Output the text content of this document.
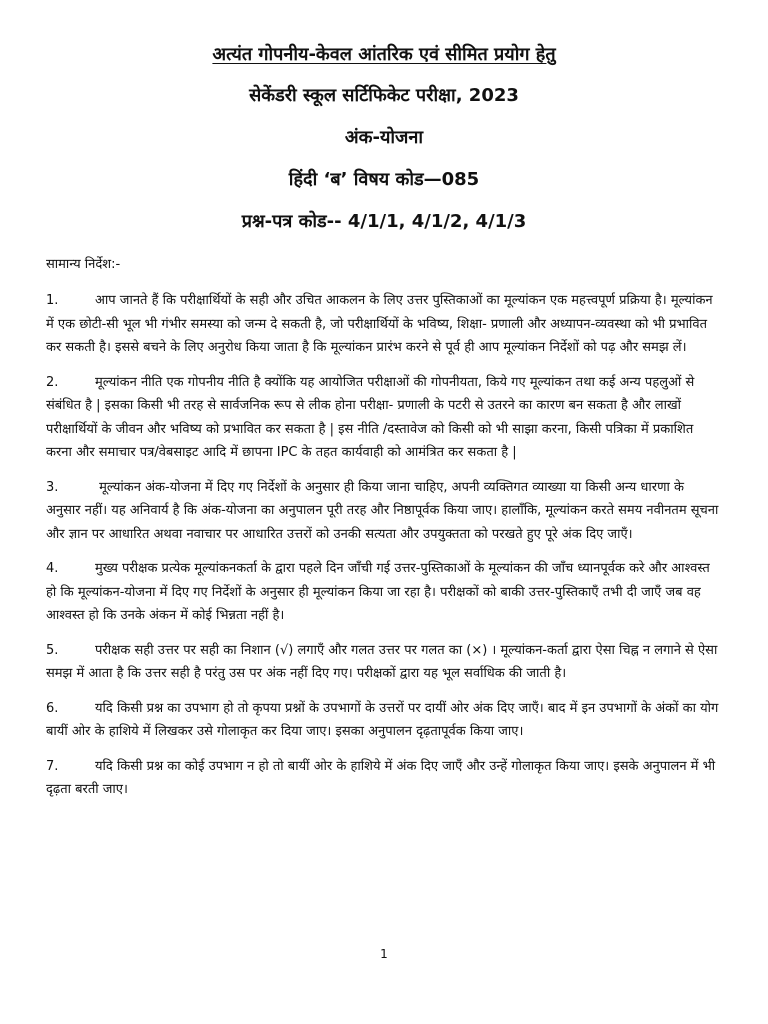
अत्यंत गोपनीय-केवल आंतरिक एवं सीमित प्रयोग हेतु
सेकेंडरी स्कूल सर्टिफिकेट परीक्षा, 2023
अंक-योजना
हिंदी ‘ब’ विषय कोड—085
प्रश्न-पत्र कोड-- 4/1/1, 4/1/2, 4/1/3
सामान्य निर्देश:-

1.	आप जानते हैं कि परीक्षार्थियों के सही और उचित आकलन के लिए उत्तर पुस्तिकाओं का मूल्यांकन एक महत्त्वपूर्ण प्रक्रिया है। मूल्यांकन में एक छोटी-सी भूल भी गंभीर समस्या को जन्म दे सकती है, जो परीक्षार्थियों के भविष्य, शिक्षा- प्रणाली और अध्यापन-व्यवस्था को भी प्रभावित कर सकती है। इससे बचने के लिए अनुरोध किया जाता है कि मूल्यांकन प्रारंभ करने से पूर्व ही आप मूल्यांकन निर्देशों को पढ़ और समझ लें।

2.	मूल्यांकन नीति एक गोपनीय नीति है क्योंकि यह आयोजित परीक्षाओं की गोपनीयता, किये गए मूल्यांकन तथा कई अन्य पहलुओं से संबंधित है | इसका किसी भी तरह से सार्वजनिक रूप से लीक होना परीक्षा- प्रणाली के पटरी से उतरने का कारण बन सकता है और लाखों परीक्षार्थियों के जीवन और भविष्य को प्रभावित कर सकता है | इस नीति /दस्तावेज को किसी को भी साझा करना, किसी पत्रिका में प्रकाशित करना और समाचार पत्र/वेबसाइट आदि में छापना IPC के तहत कार्यवाही को आमंत्रित कर सकता है |

3.	मूल्यांकन अंक-योजना में दिए गए निर्देशों के अनुसार ही किया जाना चाहिए, अपनी व्यक्तिगत व्याख्या या किसी अन्य धारणा के अनुसार नहीं। यह अनिवार्य है कि अंक-योजना का अनुपालन पूरी तरह और निष्ठापूर्वक किया जाए। हालाँकि, मूल्यांकन करते समय नवीनतम सूचना और ज्ञान पर आधारित अथवा नवाचार पर आधारित उत्तरों को उनकी सत्यता और उपयुक्तता को परखते हुए पूरे अंक दिए जाएँ।

4.	मुख्य परीक्षक प्रत्येक मूल्यांकनकर्ता के द्वारा पहले दिन जाँची गई उत्तर-पुस्तिकाओं के मूल्यांकन की जाँच ध्यानपूर्वक करे और आश्वस्त हो कि मूल्यांकन-योजना में दिए गए निर्देशों के अनुसार ही मूल्यांकन किया जा रहा है। परीक्षकों को बाकी उत्तर-पुस्तिकाएँ तभी दी जाएँ जब वह आश्वस्त हो कि उनके अंकन में कोई भिन्नता नहीं है।

5.	परीक्षक सही उत्तर पर सही का निशान (√) लगाएँ और गलत उत्तर पर गलत का (×) । मूल्यांकन-कर्ता द्वारा ऐसा चिह्न न लगाने से ऐसा समझ में आता है कि उत्तर सही है परंतु उस पर अंक नहीं दिए गए। परीक्षकों द्वारा यह भूल सर्वाधिक की जाती है।

6.	यदि किसी प्रश्न का उपभाग हो तो कृपया प्रश्नों के उपभागों के उत्तरों पर दायीं ओर अंक दिए जाएँ। बाद में इन उपभागों के अंकों का योग बायीं ओर के हाशिये में लिखकर उसे गोलाकृत कर दिया जाए। इसका अनुपालन दृढ़तापूर्वक किया जाए।

7.	यदि किसी प्रश्न का कोई उपभाग न हो तो बायीं ओर के हाशिये में अंक दिए जाएँ और उन्हें गोलाकृत किया जाए। इसके अनुपालन में भी दृढ़ता बरती जाए।

1
